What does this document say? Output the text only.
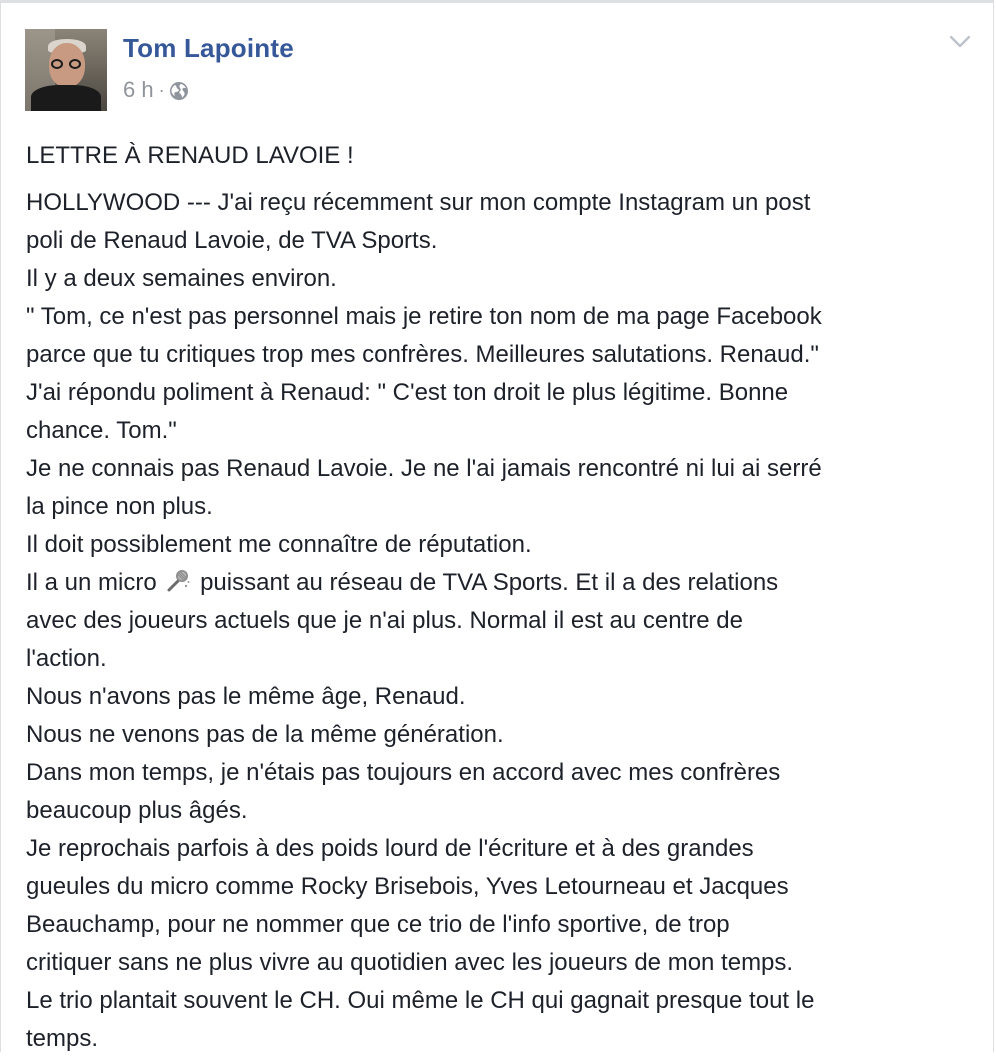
Tom Lapointe
6 h ·

LETTRE À RENAUD LAVOIE !

HOLLYWOOD --- J'ai reçu récemment sur mon compte Instagram un post

poli de Renaud Lavoie, de TVA Sports.

Il y a deux semaines environ.

" Tom, ce n'est pas personnel mais je retire ton nom de ma page Facebook

parce que tu critiques trop mes confrères. Meilleures salutations. Renaud."

J'ai répondu poliment à Renaud: " C'est ton droit le plus légitime. Bonne

chance. Tom."

Je ne connais pas Renaud Lavoie. Je ne l'ai jamais rencontré ni lui ai serré

la pince non plus.

Il doit possiblement me connaître de réputation.

Il a un micro puissant au réseau de TVA Sports. Et il a des relations

avec des joueurs actuels que je n'ai plus. Normal il est au centre de

l'action.

Nous n'avons pas le même âge, Renaud.

Nous ne venons pas de la même génération.

Dans mon temps, je n'étais pas toujours en accord avec mes confrères

beaucoup plus âgés.

Je reprochais parfois à des poids lourd de l'écriture et à des grandes

gueules du micro comme Rocky Brisebois, Yves Letourneau et Jacques

Beauchamp, pour ne nommer que ce trio de l'info sportive, de trop

critiquer sans ne plus vivre au quotidien avec les joueurs de mon temps.

Le trio plantait souvent le CH. Oui même le CH qui gagnait presque tout le

temps.
